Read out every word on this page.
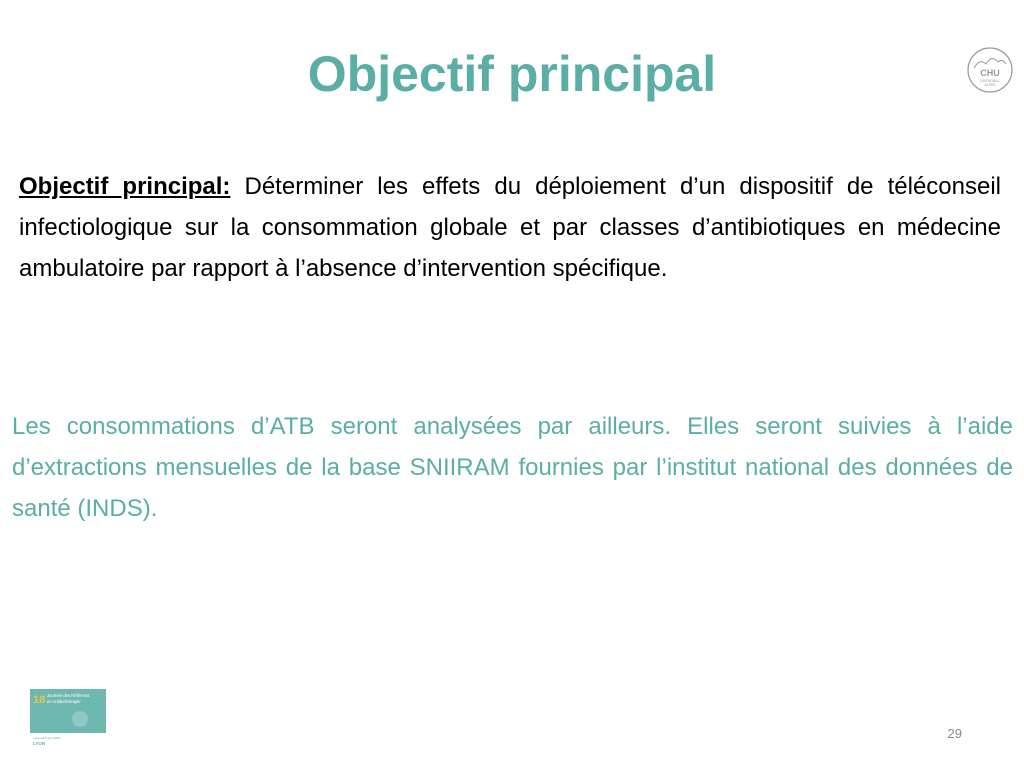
Objectif principal	CHU
GRENOBLE
ALPES

Objectif principal: Déterminer les effets du déploiement d’un dispositif de téléconseil infectiologique sur la consommation globale et par classes d’antibiotiques en médecine ambulatoire par rapport à l’absence d’intervention spécifique.

Les consommations d’ATB seront analysées par ailleurs. Elles seront suivies à l’aide d’extractions mensuelles de la base SNIIRAM fournies par l’institut national des données de santé (INDS).

18 Journée des Référents
en Antibiothérapie
mercredi 5 juin 2019
LYON
29
